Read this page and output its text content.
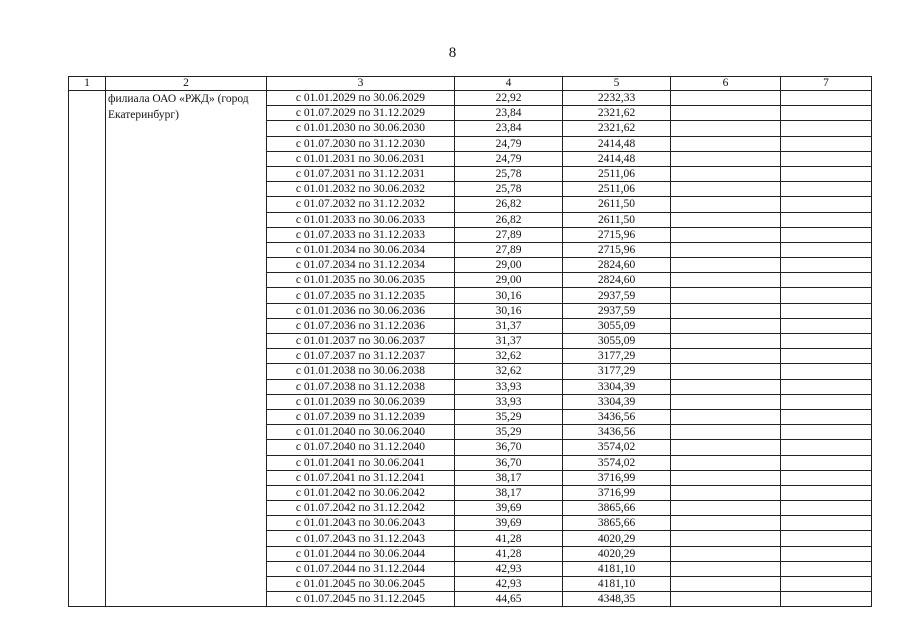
8
1	2	3	4	5	6	7
	филиала ОАО «РЖД» (город Екатеринбург)	с 01.01.2029 по 30.06.2029	22,92	2232,33		
		с 01.07.2029 по 31.12.2029	23,84	2321,62		
		с 01.01.2030 по 30.06.2030	23,84	2321,62		
		с 01.07.2030 по 31.12.2030	24,79	2414,48		
		с 01.01.2031 по 30.06.2031	24,79	2414,48		
		с 01.07.2031 по 31.12.2031	25,78	2511,06		
		с 01.01.2032 по 30.06.2032	25,78	2511,06		
		с 01.07.2032 по 31.12.2032	26,82	2611,50		
		с 01.01.2033 по 30.06.2033	26,82	2611,50		
		с 01.07.2033 по 31.12.2033	27,89	2715,96		
		с 01.01.2034 по 30.06.2034	27,89	2715,96		
		с 01.07.2034 по 31.12.2034	29,00	2824,60		
		с 01.01.2035 по 30.06.2035	29,00	2824,60		
		с 01.07.2035 по 31.12.2035	30,16	2937,59		
		с 01.01.2036 по 30.06.2036	30,16	2937,59		
		с 01.07.2036 по 31.12.2036	31,37	3055,09		
		с 01.01.2037 по 30.06.2037	31,37	3055,09		
		с 01.07.2037 по 31.12.2037	32,62	3177,29		
		с 01.01.2038 по 30.06.2038	32,62	3177,29		
		с 01.07.2038 по 31.12.2038	33,93	3304,39		
		с 01.01.2039 по 30.06.2039	33,93	3304,39		
		с 01.07.2039 по 31.12.2039	35,29	3436,56		
		с 01.01.2040 по 30.06.2040	35,29	3436,56		
		с 01.07.2040 по 31.12.2040	36,70	3574,02		
		с 01.01.2041 по 30.06.2041	36,70	3574,02		
		с 01.07.2041 по 31.12.2041	38,17	3716,99		
		с 01.01.2042 по 30.06.2042	38,17	3716,99		
		с 01.07.2042 по 31.12.2042	39,69	3865,66		
		с 01.01.2043 по 30.06.2043	39,69	3865,66		
		с 01.07.2043 по 31.12.2043	41,28	4020,29		
		с 01.01.2044 по 30.06.2044	41,28	4020,29		
		с 01.07.2044 по 31.12.2044	42,93	4181,10		
		с 01.01.2045 по 30.06.2045	42,93	4181,10		
		с 01.07.2045 по 31.12.2045	44,65	4348,35		
